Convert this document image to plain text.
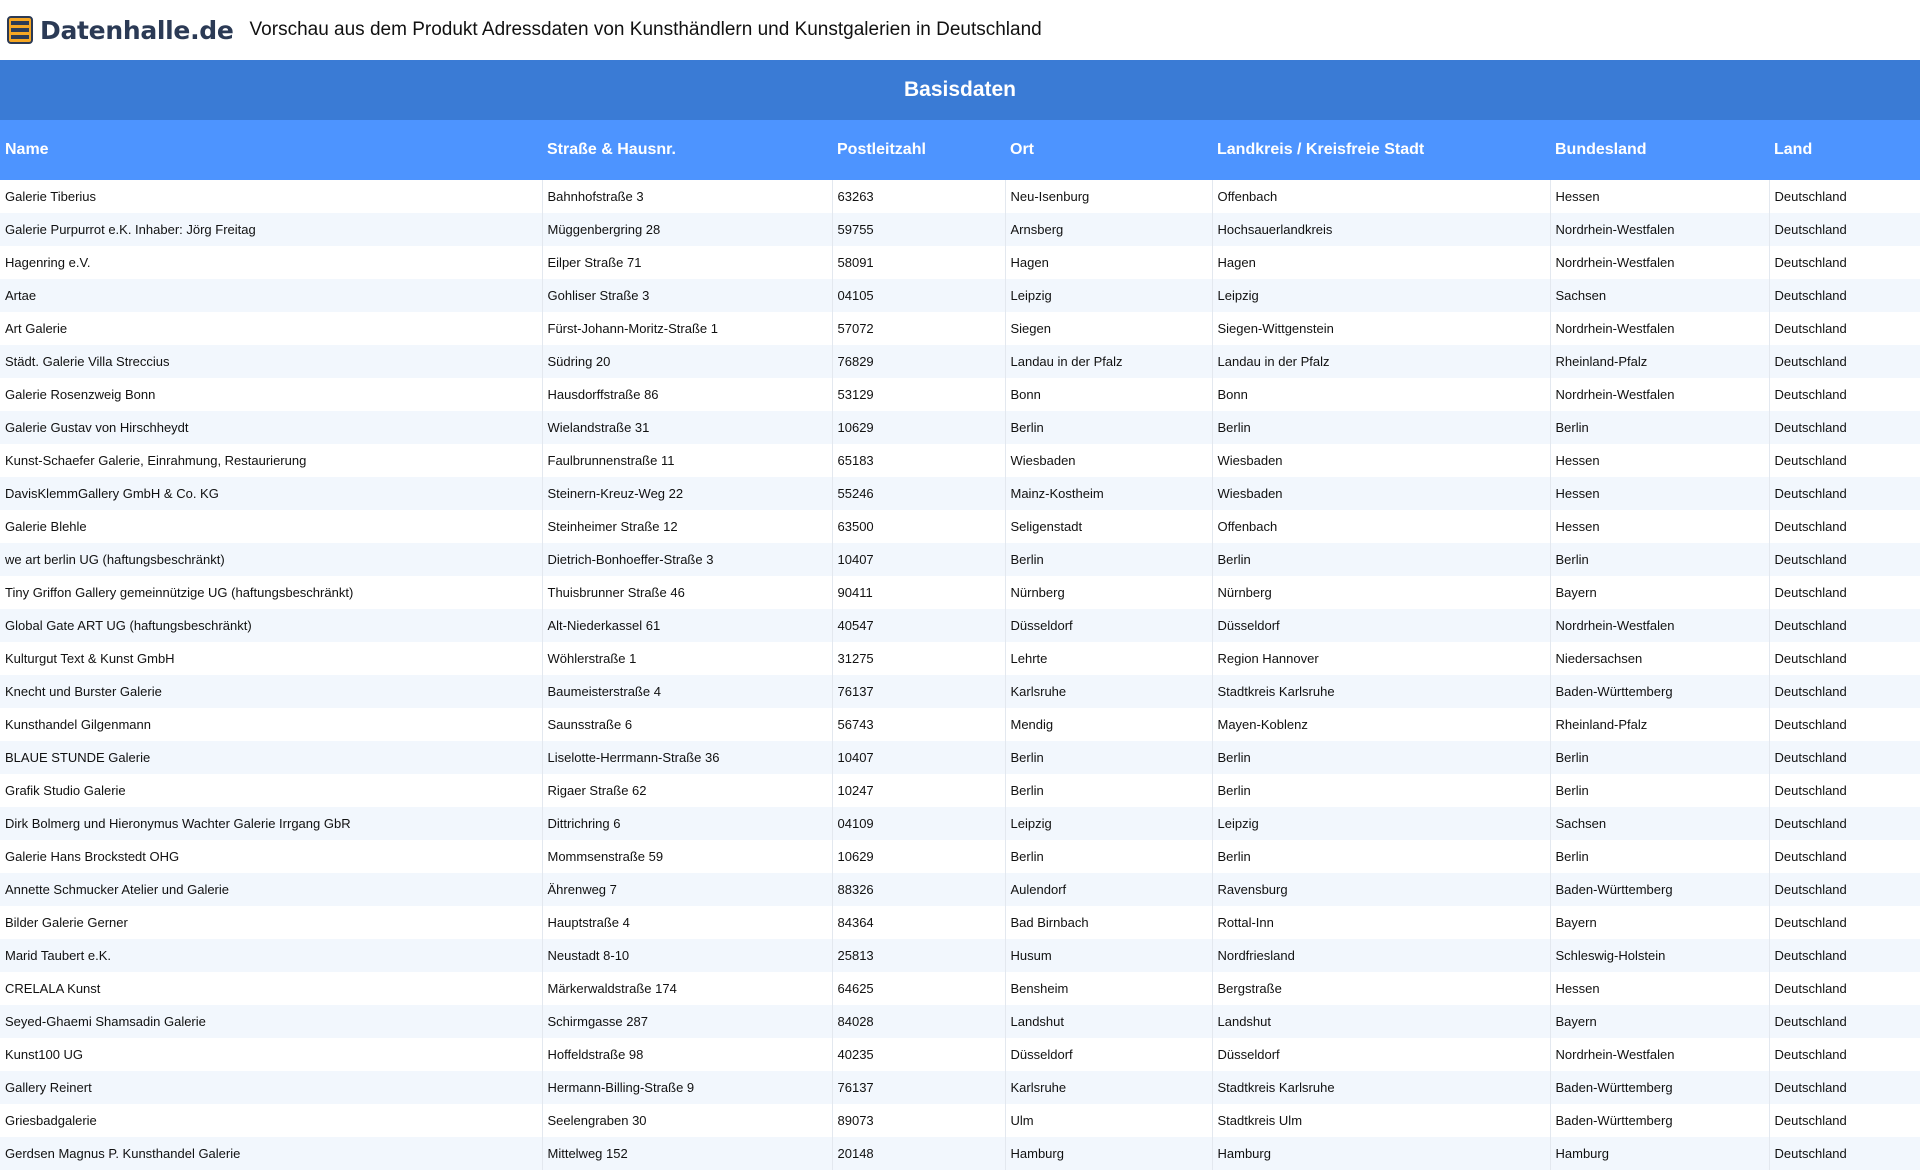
Datenhalle.de Vorschau aus dem Produkt Adressdaten von Kunsthändlern und Kunstgalerien in Deutschland
Basisdaten
Name	Straße & Hausnr.	Postleitzahl	Ort	Landkreis / Kreisfreie Stadt	Bundesland	Land
Galerie Tiberius	Bahnhofstraße 3	63263	Neu-Isenburg	Offenbach	Hessen	Deutschland
Galerie Purpurrot e.K. Inhaber: Jörg Freitag	Müggenbergring 28	59755	Arnsberg	Hochsauerlandkreis	Nordrhein-Westfalen	Deutschland
Hagenring e.V.	Eilper Straße 71	58091	Hagen	Hagen	Nordrhein-Westfalen	Deutschland
Artae	Gohliser Straße 3	04105	Leipzig	Leipzig	Sachsen	Deutschland
Art Galerie	Fürst-Johann-Moritz-Straße 1	57072	Siegen	Siegen-Wittgenstein	Nordrhein-Westfalen	Deutschland
Städt. Galerie Villa Streccius	Südring 20	76829	Landau in der Pfalz	Landau in der Pfalz	Rheinland-Pfalz	Deutschland
Galerie Rosenzweig Bonn	Hausdorffstraße 86	53129	Bonn	Bonn	Nordrhein-Westfalen	Deutschland
Galerie Gustav von Hirschheydt	Wielandstraße 31	10629	Berlin	Berlin	Berlin	Deutschland
Kunst-Schaefer Galerie, Einrahmung, Restaurierung	Faulbrunnenstraße 11	65183	Wiesbaden	Wiesbaden	Hessen	Deutschland
DavisKlemmGallery GmbH & Co. KG	Steinern-Kreuz-Weg 22	55246	Mainz-Kostheim	Wiesbaden	Hessen	Deutschland
Galerie Blehle	Steinheimer Straße 12	63500	Seligenstadt	Offenbach	Hessen	Deutschland
we art berlin UG (haftungsbeschränkt)	Dietrich-Bonhoeffer-Straße 3	10407	Berlin	Berlin	Berlin	Deutschland
Tiny Griffon Gallery gemeinnützige UG (haftungsbeschränkt)	Thuisbrunner Straße 46	90411	Nürnberg	Nürnberg	Bayern	Deutschland
Global Gate ART UG (haftungsbeschränkt)	Alt-Niederkassel 61	40547	Düsseldorf	Düsseldorf	Nordrhein-Westfalen	Deutschland
Kulturgut Text & Kunst GmbH	Wöhlerstraße 1	31275	Lehrte	Region Hannover	Niedersachsen	Deutschland
Knecht und Burster Galerie	Baumeisterstraße 4	76137	Karlsruhe	Stadtkreis Karlsruhe	Baden-Württemberg	Deutschland
Kunsthandel Gilgenmann	Saunsstraße 6	56743	Mendig	Mayen-Koblenz	Rheinland-Pfalz	Deutschland
BLAUE STUNDE Galerie	Liselotte-Herrmann-Straße 36	10407	Berlin	Berlin	Berlin	Deutschland
Grafik Studio Galerie	Rigaer Straße 62	10247	Berlin	Berlin	Berlin	Deutschland
Dirk Bolmerg und Hieronymus Wachter Galerie Irrgang GbR	Dittrichring 6	04109	Leipzig	Leipzig	Sachsen	Deutschland
Galerie Hans Brockstedt OHG	Mommsenstraße 59	10629	Berlin	Berlin	Berlin	Deutschland
Annette Schmucker Atelier und Galerie	Ährenweg 7	88326	Aulendorf	Ravensburg	Baden-Württemberg	Deutschland
Bilder Galerie Gerner	Hauptstraße 4	84364	Bad Birnbach	Rottal-Inn	Bayern	Deutschland
Marid Taubert e.K.	Neustadt 8-10	25813	Husum	Nordfriesland	Schleswig-Holstein	Deutschland
CRELALA Kunst	Märkerwaldstraße 174	64625	Bensheim	Bergstraße	Hessen	Deutschland
Seyed-Ghaemi Shamsadin Galerie	Schirmgasse 287	84028	Landshut	Landshut	Bayern	Deutschland
Kunst100 UG	Hoffeldstraße 98	40235	Düsseldorf	Düsseldorf	Nordrhein-Westfalen	Deutschland
Gallery Reinert	Hermann-Billing-Straße 9	76137	Karlsruhe	Stadtkreis Karlsruhe	Baden-Württemberg	Deutschland
Griesbadgalerie	Seelengraben 30	89073	Ulm	Stadtkreis Ulm	Baden-Württemberg	Deutschland
Gerdsen Magnus P. Kunsthandel Galerie	Mittelweg 152	20148	Hamburg	Hamburg	Hamburg	Deutschland
